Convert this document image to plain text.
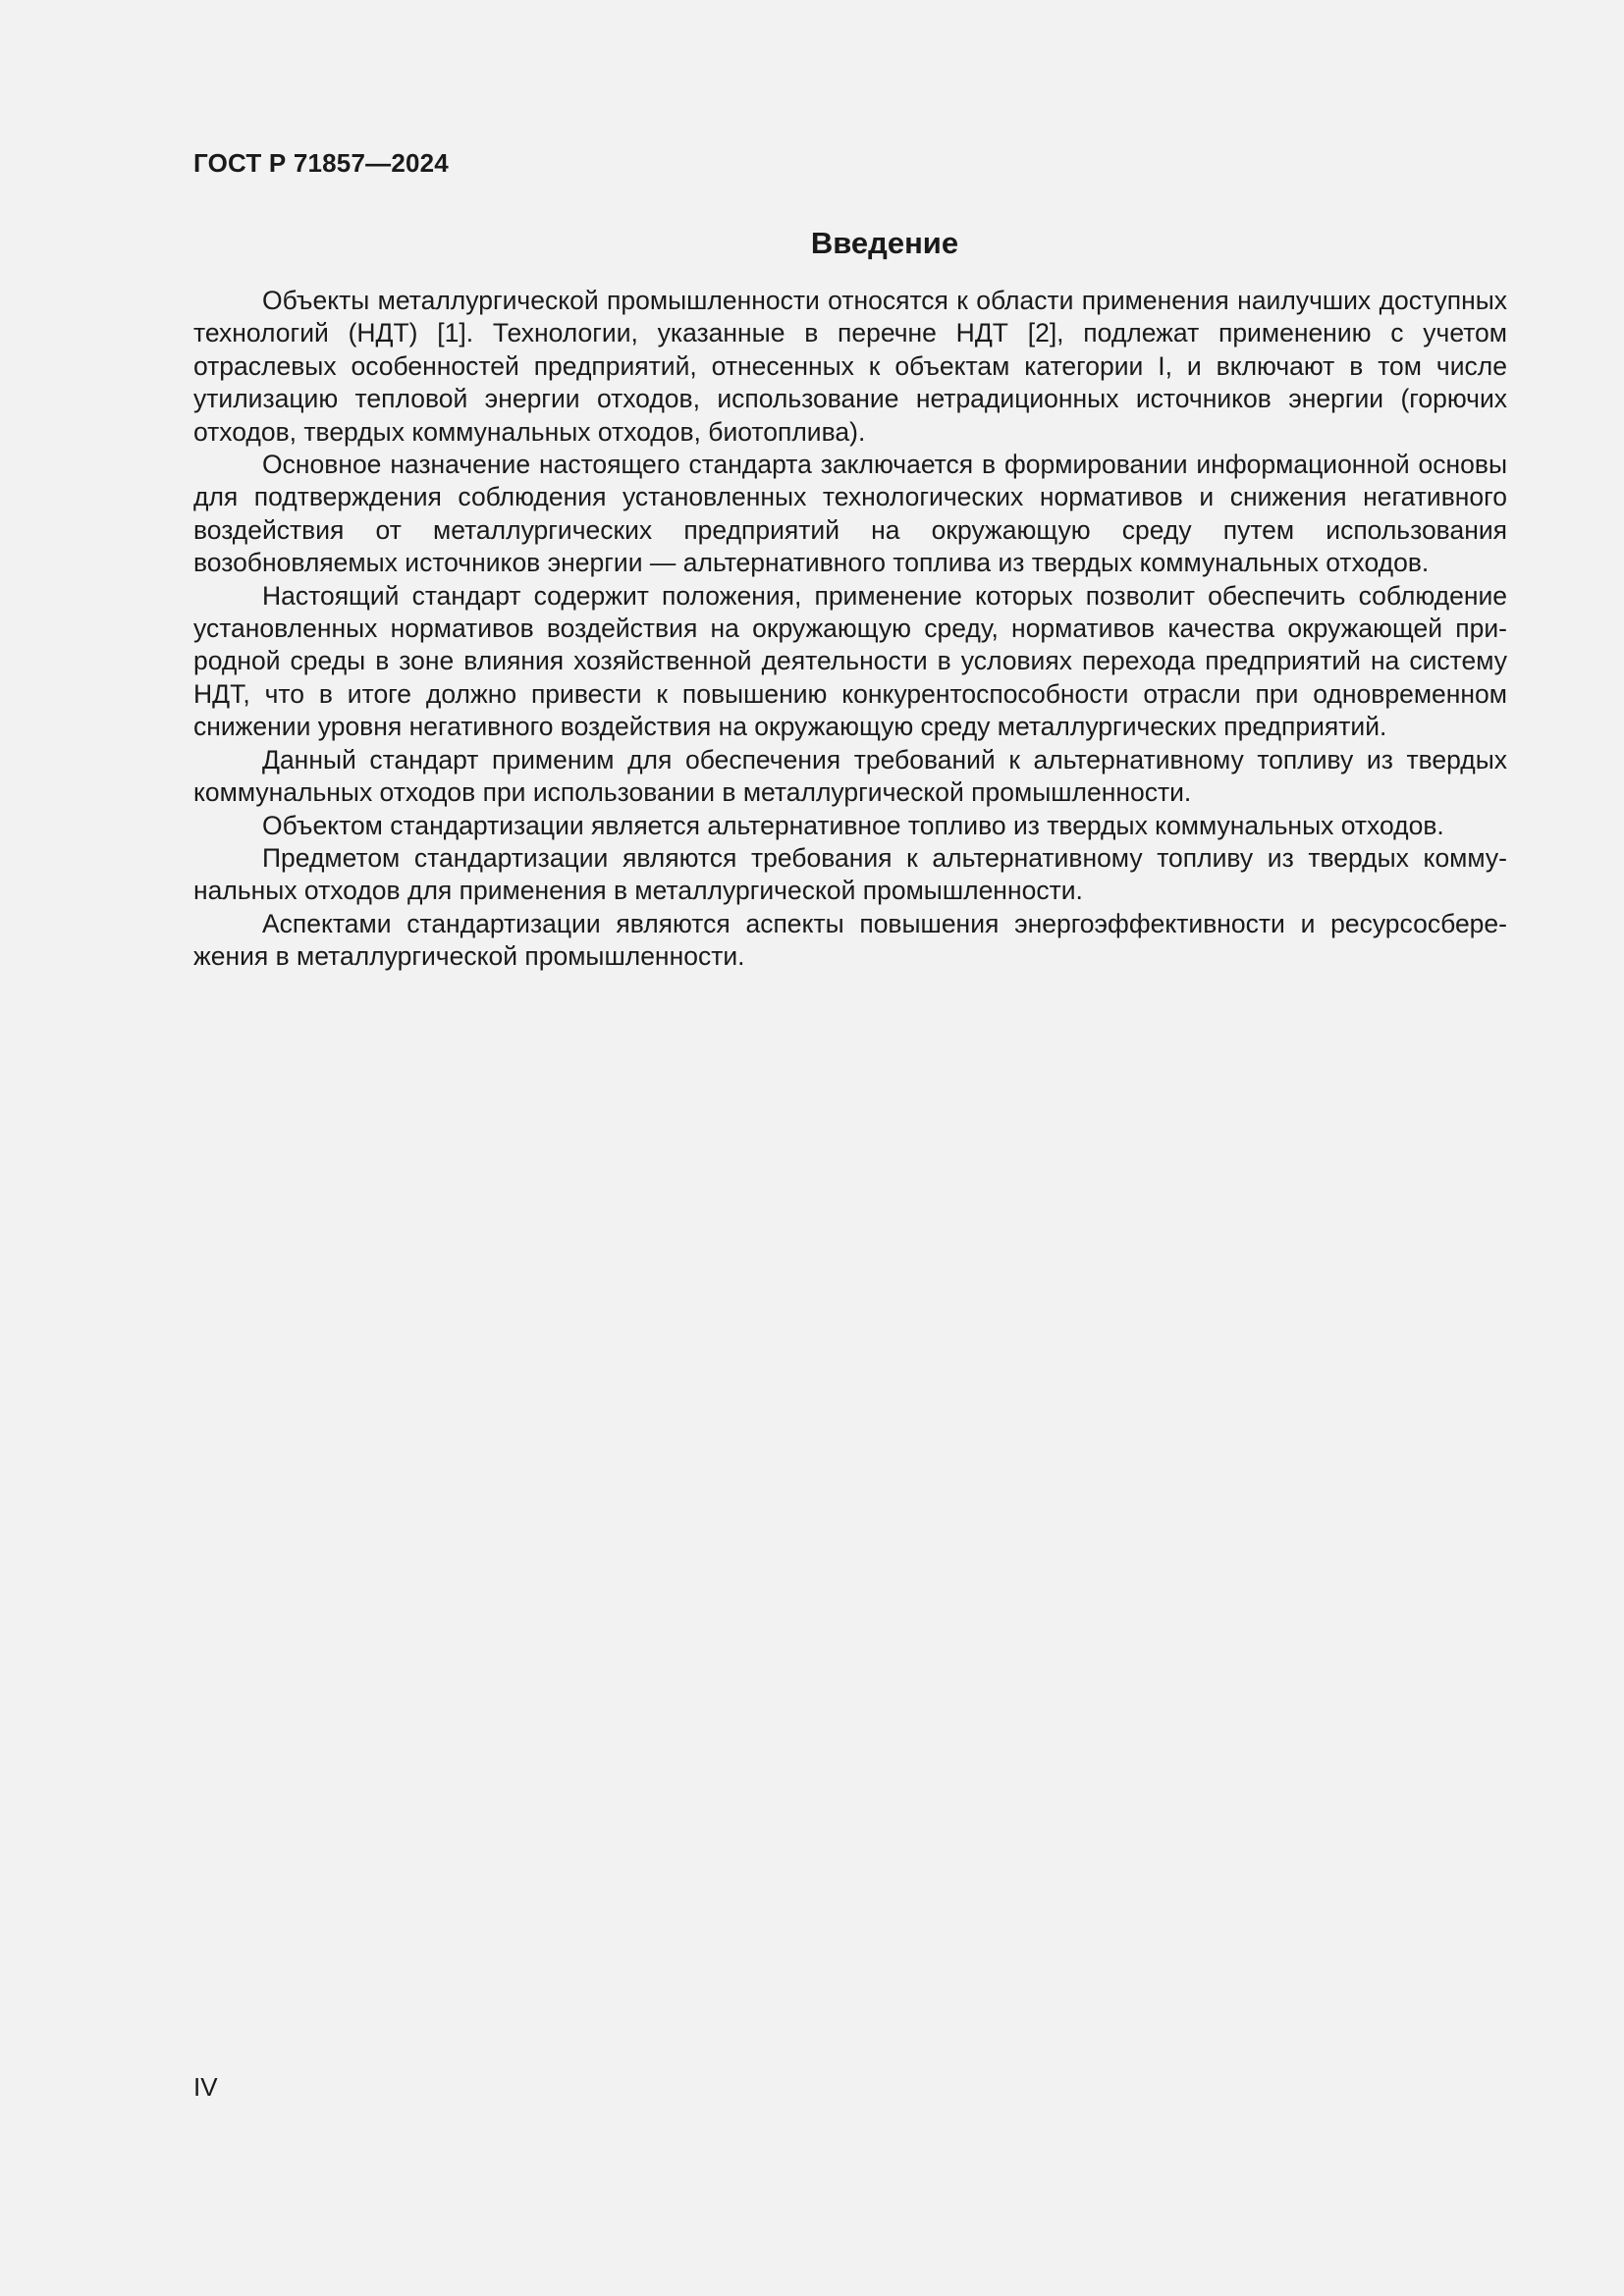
ГОСТ Р 71857—2024
Введение

Объекты металлургической промышленности относятся к области применения наилучших доступных технологий (НДТ) [1]. Технологии, указанные в перечне НДТ [2], подлежат применению с учетом отраслевых особенностей предприятий, отнесенных к объектам категории I, и включают в том числе утилизацию тепловой энергии отходов, использование нетрадиционных источников энергии (горючих отходов, твердых коммунальных отходов, биотоплива).

Основное назначение настоящего стандарта заключается в формировании информационной основы для подтверждения соблюдения установленных технологических нормативов и снижения негативного воздействия от металлургических предприятий на окружающую среду путем использования возобновляемых источников энергии — альтернативного топлива из твердых коммунальных отходов.

Настоящий стандарт содержит положения, применение которых позволит обеспечить соблюдение установленных нормативов воздействия на окружающую среду, нормативов качества окружающей природной среды в зоне влияния хозяйственной деятельности в условиях перехода предприятий на систему НДТ, что в итоге должно привести к повышению конкурентоспособности отрасли при одновременном снижении уровня негативного воздействия на окружающую среду металлургических предприятий.

Данный стандарт применим для обеспечения требований к альтернативному топливу из твердых коммунальных отходов при использовании в металлургической промышленности.

Объектом стандартизации является альтернативное топливо из твердых коммунальных отходов.

Предметом стандартизации являются требования к альтернативному топливу из твердых коммунальных отходов для применения в металлургической промышленности.

Аспектами стандартизации являются аспекты повышения энергоэффективности и ресурсосбережения в металлургической промышленности.

IV
